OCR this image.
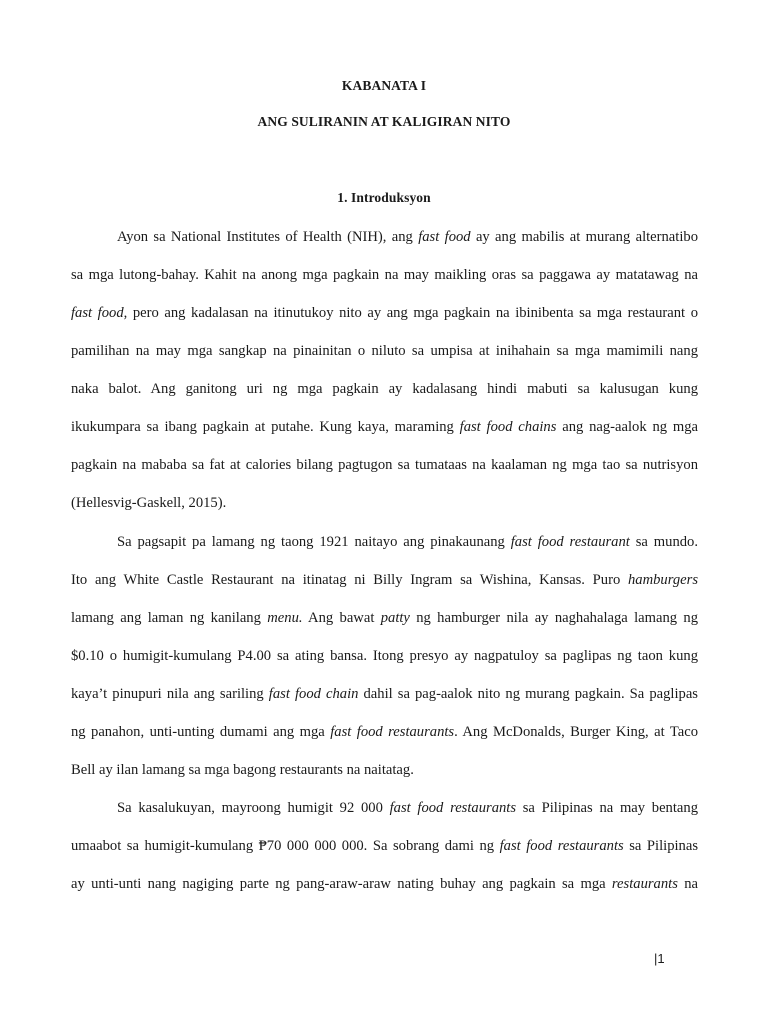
KABANATA I
ANG SULIRANIN AT KALIGIRAN NITO
1. Introduksyon
Ayon sa National Institutes of Health (NIH), ang fast food ay ang mabilis at murang alternatibo
sa mga lutong-bahay. Kahit na anong mga pagkain na may maikling oras sa paggawa ay matatawag na
fast food, pero ang kadalasan na itinutukoy nito ay ang mga pagkain na ibinibenta sa mga restaurant o
pamilihan na may mga sangkap na pinainitan o niluto sa umpisa at inihahain sa mga mamimili nang
naka balot. Ang ganitong uri ng mga pagkain ay kadalasang hindi mabuti sa kalusugan kung
ikukumpara sa ibang pagkain at putahe. Kung kaya, maraming fast food chains ang nag-aalok ng mga
pagkain na mababa sa fat at calories bilang pagtugon sa tumataas na kaalaman ng mga tao sa nutrisyon
(Hellesvig-Gaskell, 2015).
Sa pagsapit pa lamang ng taong 1921 naitayo ang pinakaunang fast food restaurant sa mundo.
Ito ang White Castle Restaurant na itinatag ni Billy Ingram sa Wishina, Kansas. Puro hamburgers
lamang ang laman ng kanilang menu. Ang bawat patty ng hamburger nila ay naghahalaga lamang ng
$0.10 o humigit-kumulang P4.00 sa ating bansa. Itong presyo ay nagpatuloy sa paglipas ng taon kung
kaya’t pinupuri nila ang sariling fast food chain dahil sa pag-aalok nito ng murang pagkain. Sa paglipas
ng panahon, unti-unting dumami ang mga fast food restaurants. Ang McDonalds, Burger King, at Taco
Bell ay ilan lamang sa mga bagong restaurants na naitatag.
Sa kasalukuyan, mayroong humigit 92 000 fast food restaurants sa Pilipinas na may bentang
umaabot sa humigit-kumulang ₱70 000 000 000. Sa sobrang dami ng fast food restaurants sa Pilipinas
ay unti-unti nang nagiging parte ng pang-araw-araw nating buhay ang pagkain sa mga restaurants na
|1
